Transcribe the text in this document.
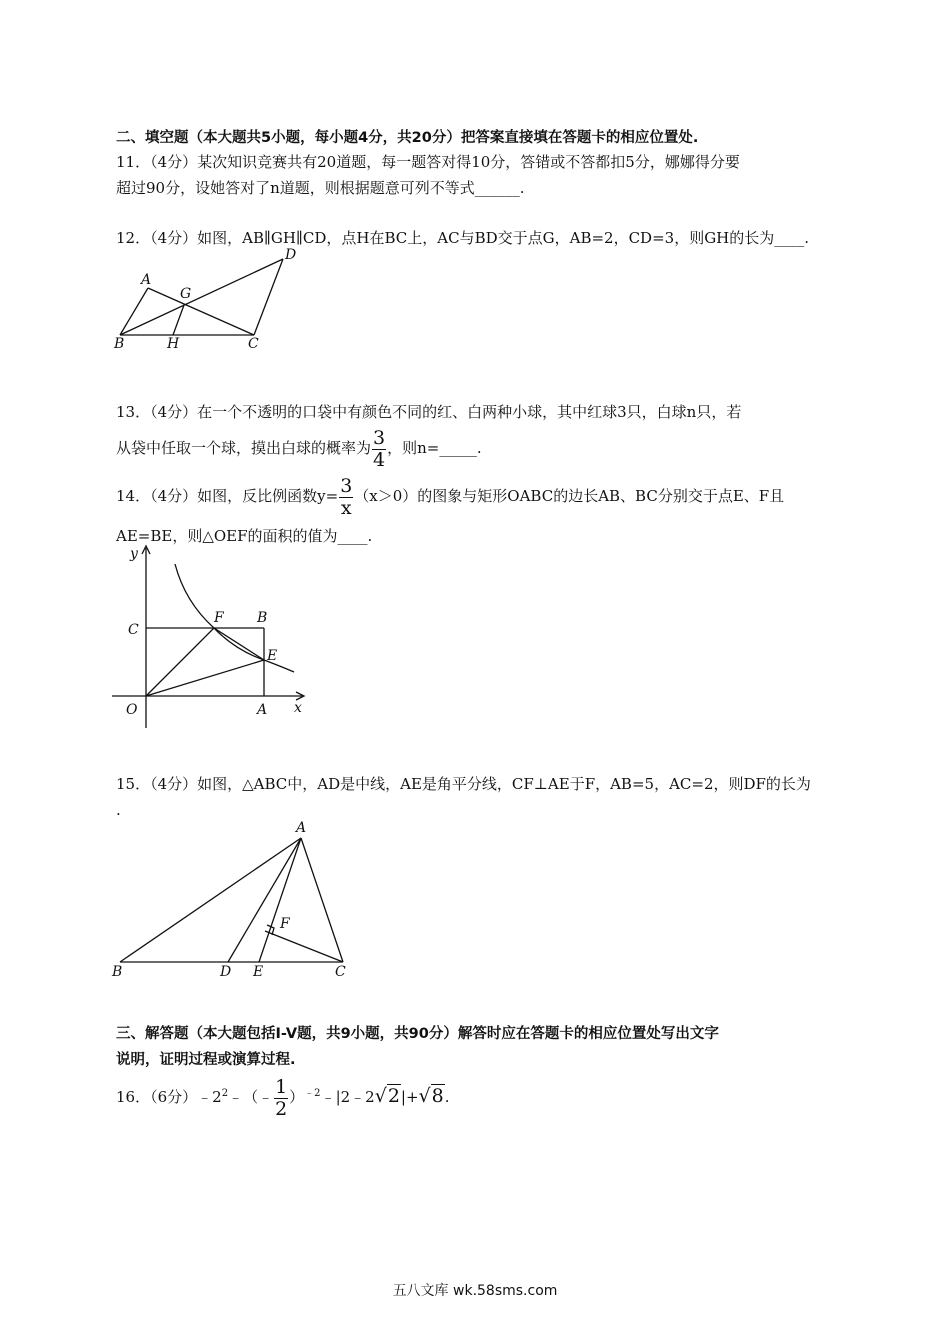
二、填空题（本大题共5小题，每小题4分，共20分）把答案直接填在答题卡的相应位置处.
11．（4分）某次知识竞赛共有20道题，每一题答对得10分，答错或不答都扣5分，娜娜得分要
超过90分，设她答对了n道题，则根据题意可列不等式______.
12．（4分）如图，AB∥GH∥CD，点H在BC上，AC与BD交于点G，AB=2，CD=3，则GH的长为____.
A
B	C
D
G
H
13．（4分）在一个不透明的口袋中有颜色不同的红、白两种小球，其中红球3只，白球n只，若
从袋中任取一个球，摸出白球的概率为 $\frac{3}{4}$ ，则n=_____.
14．（4分）如图，反比例函数$y= \frac{3}{x} (x>0)$的图象与矩形OABC的边长AB、BC分别交于点E、F且
AE=BE，则△OEF的面积的值为____.
y
x
O	A
B
C
E
F
15．（4分）如图，△ABC中，AD是中线，AE是角平分线，CF⊥AE于F，AB=5，AC=2，则DF的长为
.
A
B	C
D E
F
三、解答题（本大题包括I-V题，共9小题，共90分）解答时应在答题卡的相应位置处写出文字
说明，证明过程或演算过程.
16．（6分）$﹣2^2﹣(﹣ \frac{1}{2}$ ）$^{﹣2}$﹣|2﹣2√2|+√8.
五八文库 wk.58sms.com
